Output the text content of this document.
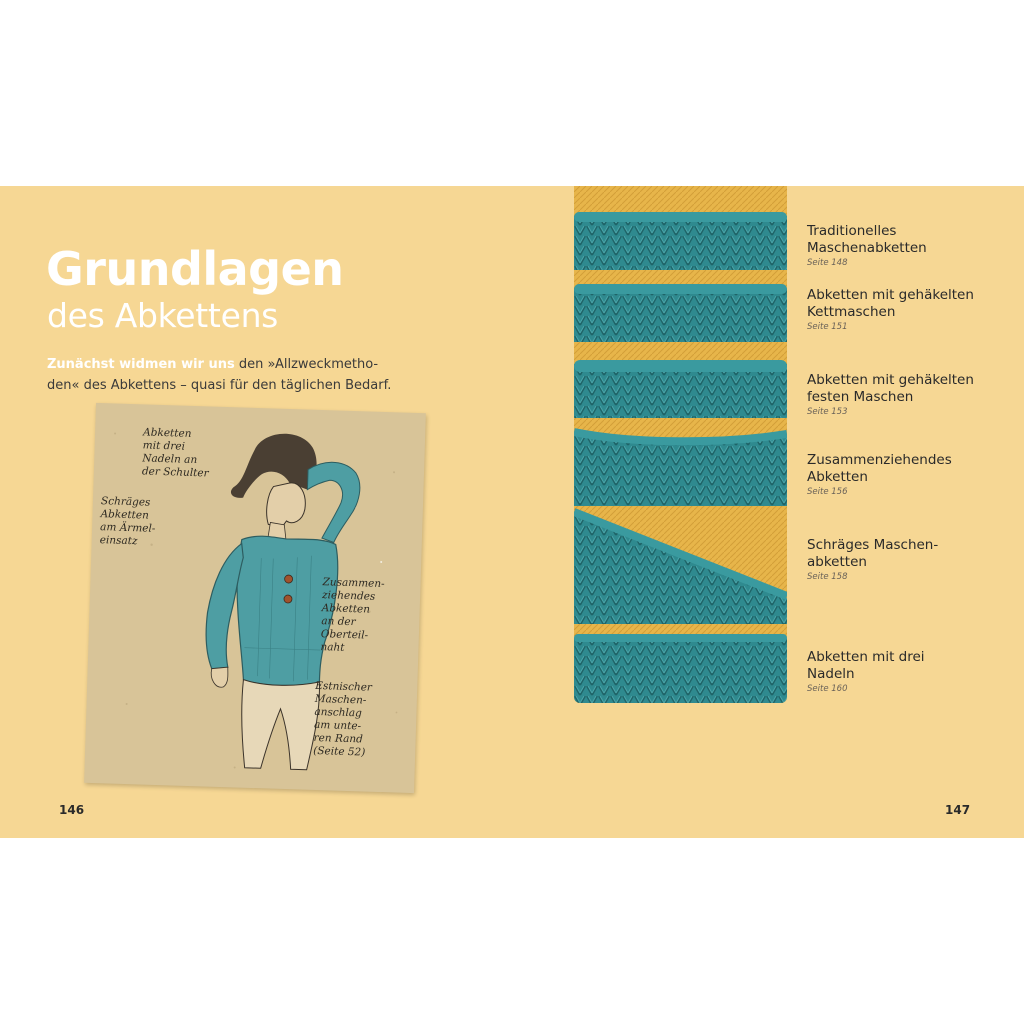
Grundlagen
des Abkettens

Zunächst widmen wir uns den »Allzweckmetho-
den« des Abkettens – quasi für den täglichen Bedarf.

Abketten
mit drei
Nadeln an
der Schulter

Schräges
Abketten
am Ärmel-
einsatz

Zusammen-
ziehendes
Abketten
an der
Oberteil-
naht

Estnischer
Maschen-
anschlag
am unte-
ren Rand
(Seite 52)

146

Traditionelles
Maschenabketten
Seite 148
Abketten mit gehäkelten
Kettmaschen
Seite 151
Abketten mit gehäkelten
festen Maschen
Seite 153
Zusammenziehendes
Abketten
Seite 156
Schräges Maschen-
abketten
Seite 158
Abketten mit drei
Nadeln
Seite 160

147
